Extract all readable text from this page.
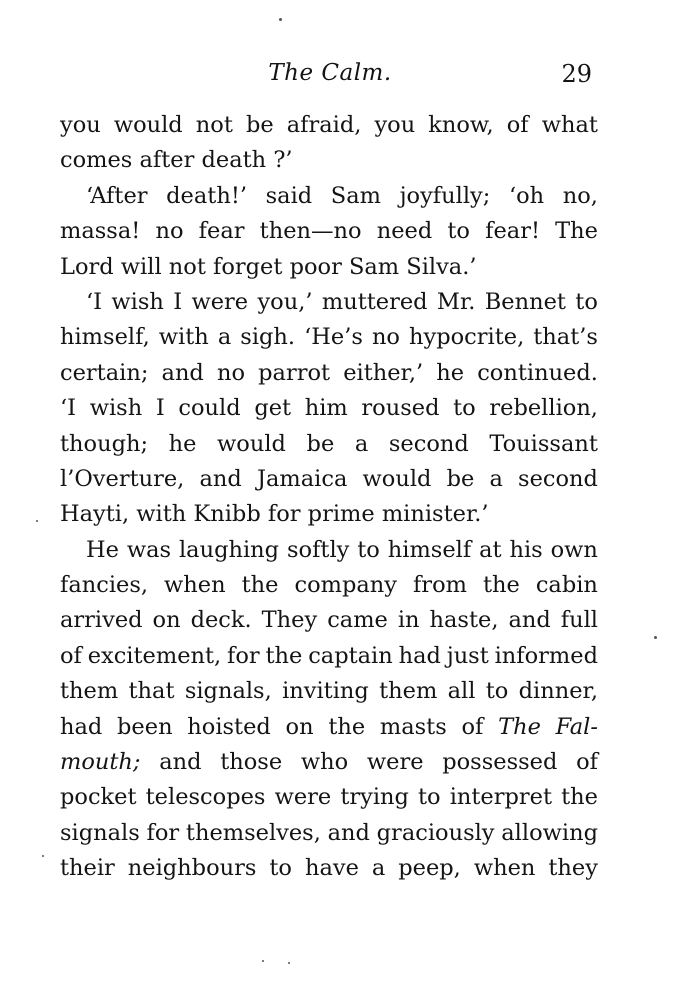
The Calm.	29
you would not be afraid, you know, of what
comes after death ?’
‘After death!’ said Sam joyfully; ‘oh no,
massa! no fear then—no need to fear! The
Lord will not forget poor Sam Silva.’
‘I wish I were you,’ muttered Mr. Bennet to
himself, with a sigh. ‘He’s no hypocrite, that’s
certain; and no parrot either,’ he continued.
‘I wish I could get him roused to rebellion,
though; he would be a second Touissant
l’Overture, and Jamaica would be a second
Hayti, with Knibb for prime minister.’
He was laughing softly to himself at his own
fancies, when the company from the cabin
arrived on deck. They came in haste, and full
of excitement, for the captain had just informed
them that signals, inviting them all to dinner,
had been hoisted on the masts of The Fal-
mouth; and those who were possessed of
pocket telescopes were trying to interpret the
signals for themselves, and graciously allowing
their neighbours to have a peep, when they
